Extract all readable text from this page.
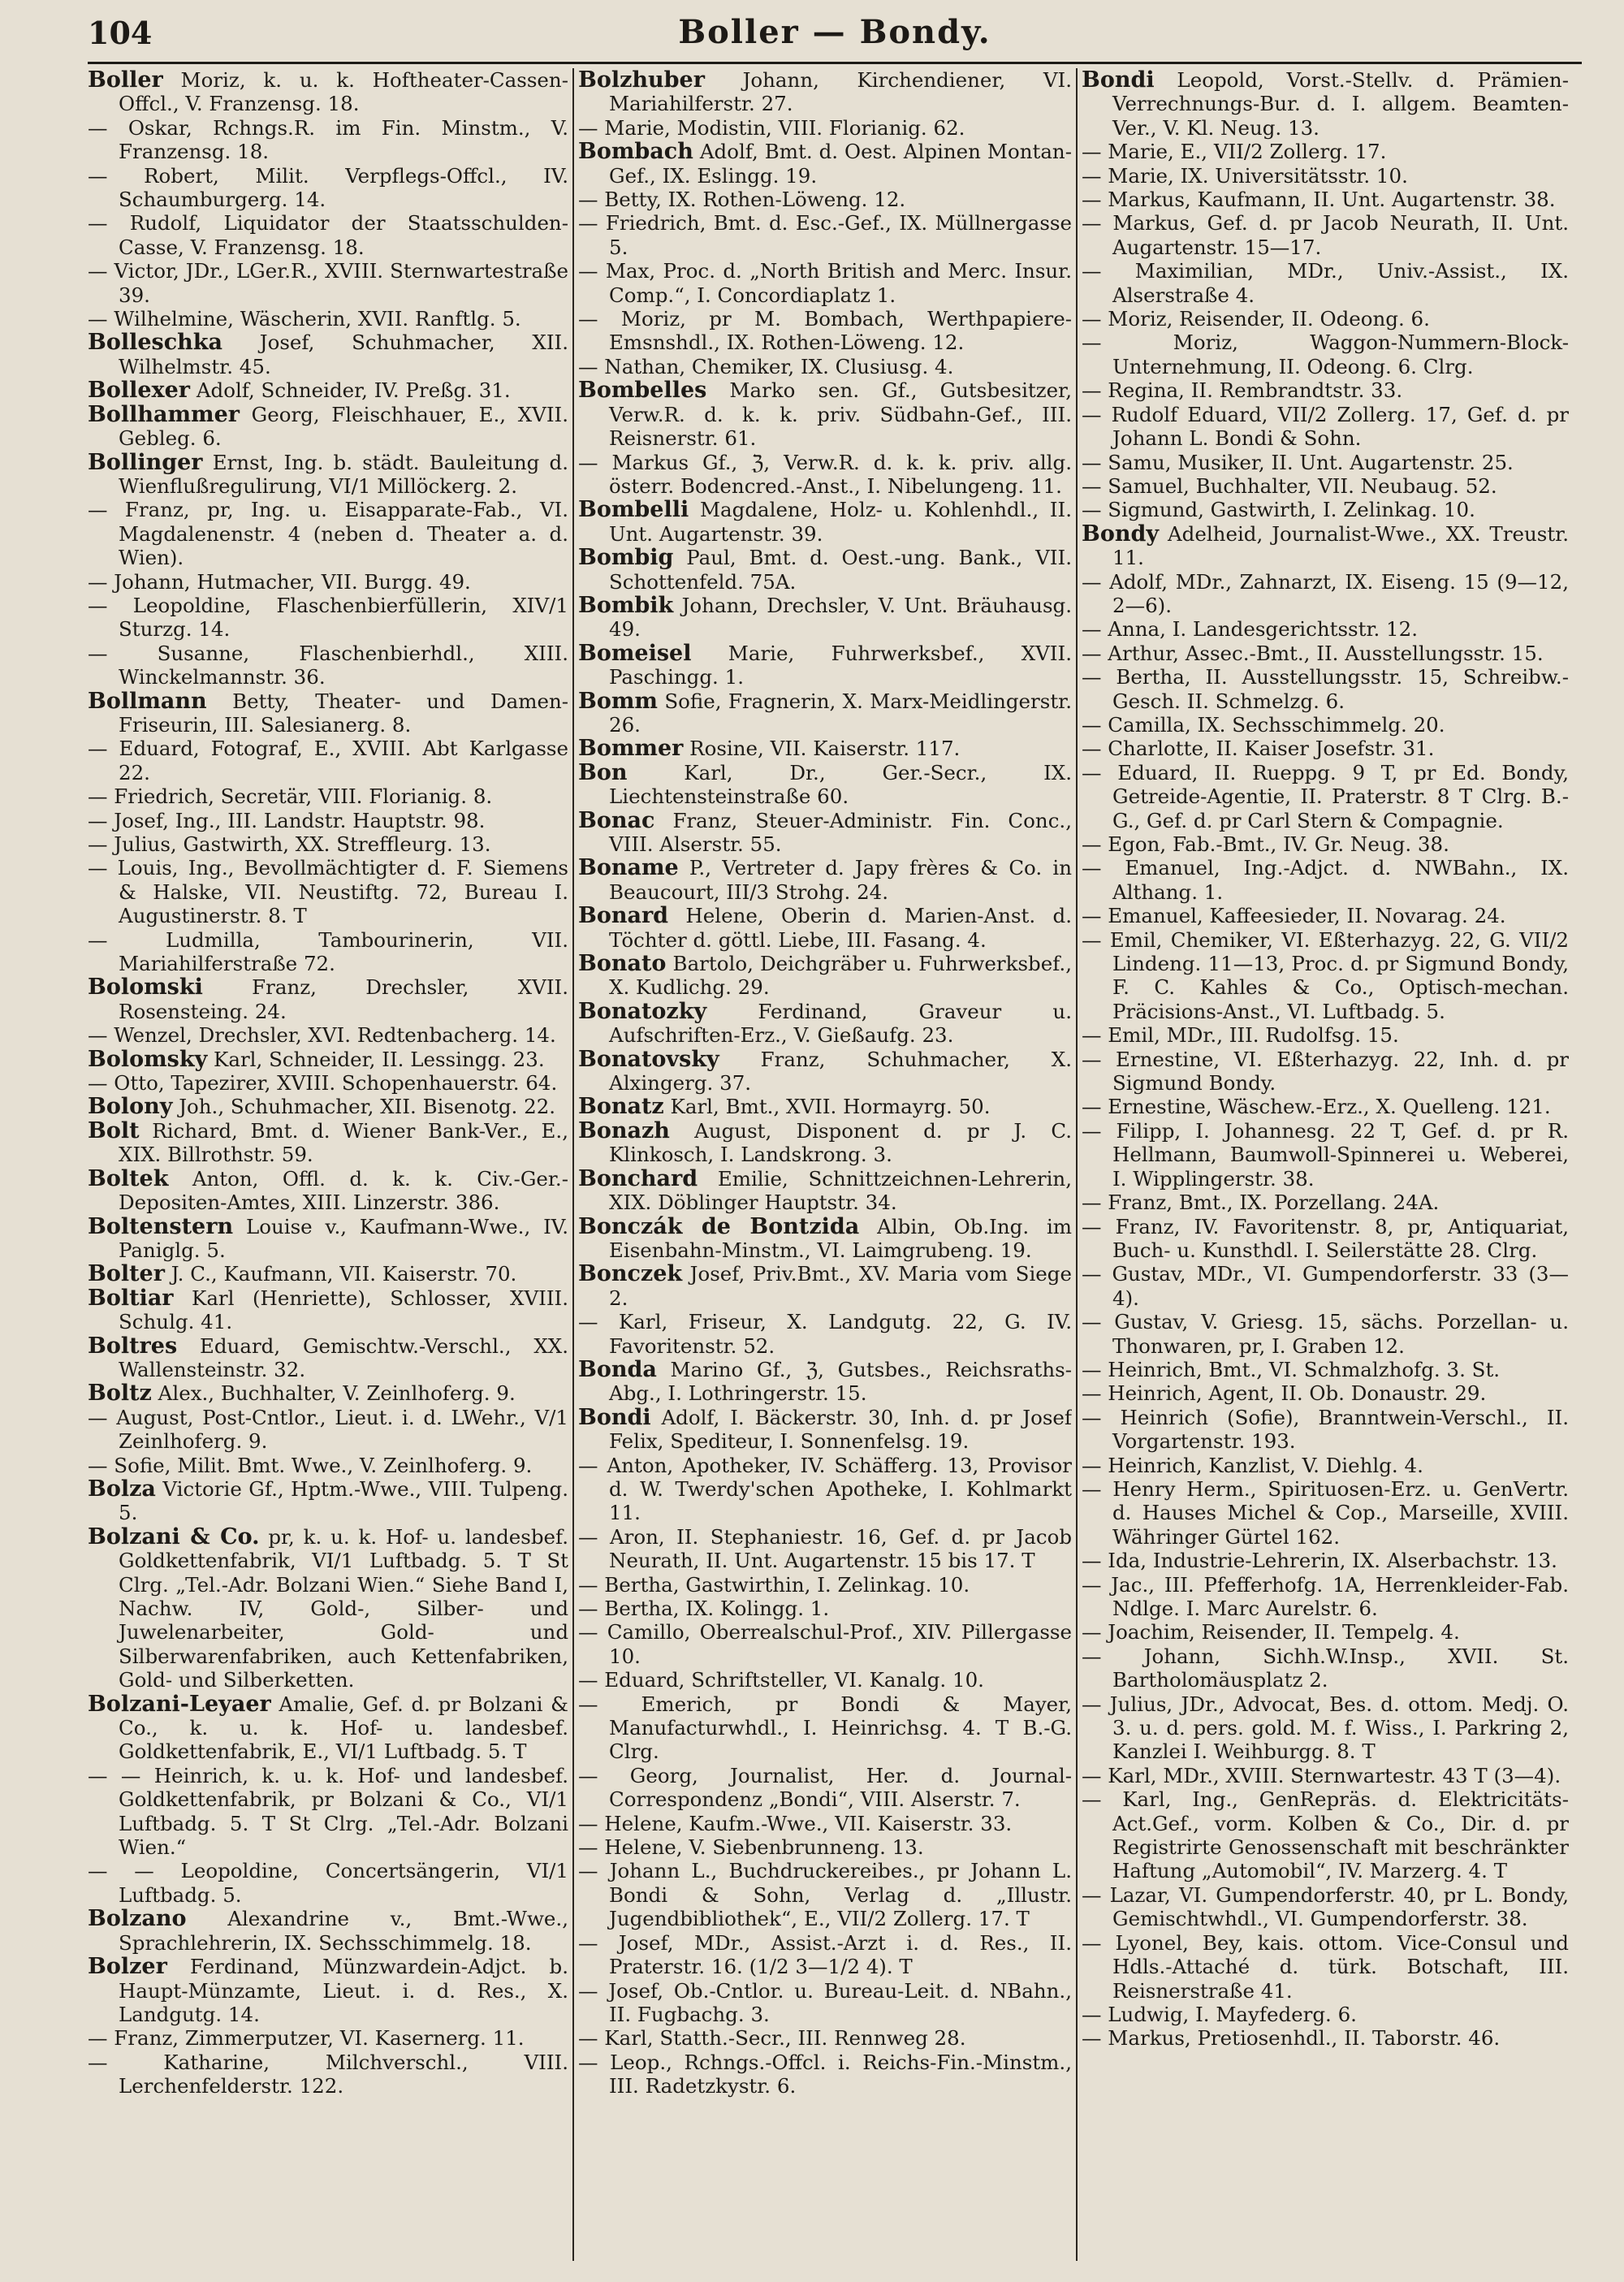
104	Boller — Bondy.

Boller Moriz, k. u. k. Hoftheater-Cassen-Offcl., V. Franzensg. 18.

— Oskar, Rchngs.R. im Fin. Minstm., V. Franzensg. 18.

— Robert, Milit. Verpflegs-Offcl., IV. Schaumburgerg. 14.

— Rudolf, Liquidator der Staatsschulden-Casse, V. Franzensg. 18.

— Victor, JDr., LGer.R., XVIII. Sternwartestraße 39.

— Wilhelmine, Wäscherin, XVII. Ranftlg. 5.

Bolleschka Josef, Schuhmacher, XII. Wilhelmstr. 45.

Bollexer Adolf, Schneider, IV. Preßg. 31.

Bollhammer Georg, Fleischhauer, E., XVII. Gebleg. 6.

Bollinger Ernst, Ing. b. städt. Bauleitung d. Wienflußregulirung, VI/1 Millöckerg. 2.

— Franz, pr, Ing. u. Eisapparate-Fab., VI. Magdalenenstr. 4 (neben d. Theater a. d. Wien).

— Johann, Hutmacher, VII. Burgg. 49.

— Leopoldine, Flaschenbierfüllerin, XIV/1 Sturzg. 14.

— Susanne, Flaschenbierhdl., XIII. Winckelmannstr. 36.

Bollmann Betty, Theater- und Damen-Friseurin, III. Salesianerg. 8.

— Eduard, Fotograf, E., XVIII. Abt Karlgasse 22.

— Friedrich, Secretär, VIII. Florianig. 8.

— Josef, Ing., III. Landstr. Hauptstr. 98.

— Julius, Gastwirth, XX. Streffleurg. 13.

— Louis, Ing., Bevollmächtigter d. F. Siemens & Halske, VII. Neustiftg. 72, Bureau I. Augustinerstr. 8. T

— Ludmilla, Tambourinerin, VII. Mariahilferstraße 72.

Bolomski Franz, Drechsler, XVII. Rosensteing. 24.

— Wenzel, Drechsler, XVI. Redtenbacherg. 14.

Bolomsky Karl, Schneider, II. Lessingg. 23.

— Otto, Tapezirer, XVIII. Schopenhauerstr. 64.

Bolony Joh., Schuhmacher, XII. Bisenotg. 22.

Bolt Richard, Bmt. d. Wiener Bank-Ver., E., XIX. Billrothstr. 59.

Boltek Anton, Offl. d. k. k. Civ.-Ger.-Depositen-Amtes, XIII. Linzerstr. 386.

Boltenstern Louise v., Kaufmann-Wwe., IV. Paniglg. 5.

Bolter J. C., Kaufmann, VII. Kaiserstr. 70.

Boltiar Karl (Henriette), Schlosser, XVIII. Schulg. 41.

Boltres Eduard, Gemischtw.-Verschl., XX. Wallensteinstr. 32.

Boltz Alex., Buchhalter, V. Zeinlhoferg. 9.

— August, Post-Cntlor., Lieut. i. d. LWehr., V/1 Zeinlhoferg. 9.

— Sofie, Milit. Bmt. Wwe., V. Zeinlhoferg. 9.

Bolza Victorie Gf., Hptm.-Wwe., VIII. Tulpeng. 5.

Bolzani & Co. pr, k. u. k. Hof- u. landesbef. Goldkettenfabrik, VI/1 Luftbadg. 5. T St Clrg. „Tel.-Adr. Bolzani Wien.“ Siehe Band I, Nachw. IV, Gold-, Silber- und Juwelenarbeiter, Gold- und Silberwarenfabriken, auch Kettenfabriken, Gold- und Silberketten.

Bolzani-Leyaer Amalie, Gef. d. pr Bolzani & Co., k. u. k. Hof- u. landesbef. Goldkettenfabrik, E., VI/1 Luftbadg. 5. T

— — Heinrich, k. u. k. Hof- und landesbef. Goldkettenfabrik, pr Bolzani & Co., VI/1 Luftbadg. 5. T St Clrg. „Tel.-Adr. Bolzani Wien.“

— — Leopoldine, Concertsängerin, VI/1 Luftbadg. 5.

Bolzano Alexandrine v., Bmt.-Wwe., Sprachlehrerin, IX. Sechsschimmelg. 18.

Bolzer Ferdinand, Münzwardein-Adjct. b. Haupt-Münzamte, Lieut. i. d. Res., X. Landgutg. 14.

— Franz, Zimmerputzer, VI. Kasernerg. 11.

— Katharine, Milchverschl., VIII. Lerchenfelderstr. 122.

Bolzhuber Johann, Kirchendiener, VI. Mariahilferstr. 27.

— Marie, Modistin, VIII. Florianig. 62.

Bombach Adolf, Bmt. d. Oest. Alpinen Montan-Gef., IX. Eslingg. 19.

— Betty, IX. Rothen-Löweng. 12.

— Friedrich, Bmt. d. Esc.-Gef., IX. Müllnergasse 5.

— Max, Proc. d. „North British and Merc. Insur. Comp.“, I. Concordiaplatz 1.

— Moriz, pr M. Bombach, Werthpapiere-Emsnshdl., IX. Rothen-Löweng. 12.

— Nathan, Chemiker, IX. Clusiusg. 4.

Bombelles Marko sen. Gf., Gutsbesitzer, Verw.R. d. k. k. priv. Südbahn-Gef., III. Reisnerstr. 61.

— Markus Gf., ℨ, Verw.R. d. k. k. priv. allg. österr. Bodencred.-Anst., I. Nibelungeng. 11.

Bombelli Magdalene, Holz- u. Kohlenhdl., II. Unt. Augartenstr. 39.

Bombig Paul, Bmt. d. Oest.-ung. Bank., VII. Schottenfeld. 75A.

Bombik Johann, Drechsler, V. Unt. Bräuhausg. 49.

Bomeisel Marie, Fuhrwerksbef., XVII. Paschingg. 1.

Bomm Sofie, Fragnerin, X. Marx-Meidlingerstr. 26.

Bommer Rosine, VII. Kaiserstr. 117.

Bon Karl, Dr., Ger.-Secr., IX. Liechtensteinstraße 60.

Bonac Franz, Steuer-Administr. Fin. Conc., VIII. Alserstr. 55.

Boname P., Vertreter d. Japy frères & Co. in Beaucourt, III/3 Strohg. 24.

Bonard Helene, Oberin d. Marien-Anst. d. Töchter d. göttl. Liebe, III. Fasang. 4.

Bonato Bartolo, Deichgräber u. Fuhrwerksbef., X. Kudlichg. 29.

Bonatozky Ferdinand, Graveur u. Aufschriften-Erz., V. Gießaufg. 23.

Bonatovsky Franz, Schuhmacher, X. Alxingerg. 37.

Bonatz Karl, Bmt., XVII. Hormayrg. 50.

Bonazh August, Disponent d. pr J. C. Klinkosch, I. Landskrong. 3.

Bonchard Emilie, Schnittzeichnen-Lehrerin, XIX. Döblinger Hauptstr. 34.

Bonczák de Bontzida Albin, Ob.Ing. im Eisenbahn-Minstm., VI. Laimgrubeng. 19.

Bonczek Josef, Priv.Bmt., XV. Maria vom Siege 2.

— Karl, Friseur, X. Landgutg. 22, G. IV. Favoritenstr. 52.

Bonda Marino Gf., ℨ, Gutsbes., Reichsraths-Abg., I. Lothringerstr. 15.

Bondi Adolf, I. Bäckerstr. 30, Inh. d. pr Josef Felix, Spediteur, I. Sonnenfelsg. 19.

— Anton, Apotheker, IV. Schäfferg. 13, Provisor d. W. Twerdy'schen Apotheke, I. Kohlmarkt 11.

— Aron, II. Stephaniestr. 16, Gef. d. pr Jacob Neurath, II. Unt. Augartenstr. 15 bis 17. T

— Bertha, Gastwirthin, I. Zelinkag. 10.

— Bertha, IX. Kolingg. 1.

— Camillo, Oberrealschul-Prof., XIV. Pillergasse 10.

— Eduard, Schriftsteller, VI. Kanalg. 10.

— Emerich, pr Bondi & Mayer, Manufacturwhdl., I. Heinrichsg. 4. T B.-G. Clrg.

— Georg, Journalist, Her. d. Journal-Correspondenz „Bondi“, VIII. Alserstr. 7.

— Helene, Kaufm.-Wwe., VII. Kaiserstr. 33.

— Helene, V. Siebenbrunneng. 13.

— Johann L., Buchdruckereibes., pr Johann L. Bondi & Sohn, Verlag d. „Illustr. Jugendbibliothek“, E., VII/2 Zollerg. 17. T

— Josef, MDr., Assist.-Arzt i. d. Res., II. Praterstr. 16. (1/2 3—1/2 4). T

— Josef, Ob.-Cntlor. u. Bureau-Leit. d. NBahn., II. Fugbachg. 3.

— Karl, Statth.-Secr., III. Rennweg 28.

— Leop., Rchngs.-Offcl. i. Reichs-Fin.-Minstm., III. Radetzkystr. 6.

Bondi Leopold, Vorst.-Stellv. d. Prämien-Verrechnungs-Bur. d. I. allgem. Beamten-Ver., V. Kl. Neug. 13.

— Marie, E., VII/2 Zollerg. 17.

— Marie, IX. Universitätsstr. 10.

— Markus, Kaufmann, II. Unt. Augartenstr. 38.

— Markus, Gef. d. pr Jacob Neurath, II. Unt. Augartenstr. 15—17.

— Maximilian, MDr., Univ.-Assist., IX. Alserstraße 4.

— Moriz, Reisender, II. Odeong. 6.

— Moriz, Waggon-Nummern-Block-Unternehmung, II. Odeong. 6. Clrg.

— Regina, II. Rembrandtstr. 33.

— Rudolf Eduard, VII/2 Zollerg. 17, Gef. d. pr Johann L. Bondi & Sohn.

— Samu, Musiker, II. Unt. Augartenstr. 25.

— Samuel, Buchhalter, VII. Neubaug. 52.

— Sigmund, Gastwirth, I. Zelinkag. 10.

Bondy Adelheid, Journalist-Wwe., XX. Treustr. 11.

— Adolf, MDr., Zahnarzt, IX. Eiseng. 15 (9—12, 2—6).

— Anna, I. Landesgerichtsstr. 12.

— Arthur, Assec.-Bmt., II. Ausstellungsstr. 15.

— Bertha, II. Ausstellungsstr. 15, Schreibw.-Gesch. II. Schmelzg. 6.

— Camilla, IX. Sechsschimmelg. 20.

— Charlotte, II. Kaiser Josefstr. 31.

— Eduard, II. Rueppg. 9 T, pr Ed. Bondy, Getreide-Agentie, II. Praterstr. 8 T Clrg. B.-G., Gef. d. pr Carl Stern & Compagnie.

— Egon, Fab.-Bmt., IV. Gr. Neug. 38.

— Emanuel, Ing.-Adjct. d. NWBahn., IX. Althang. 1.

— Emanuel, Kaffeesieder, II. Novarag. 24.

— Emil, Chemiker, VI. Eßterhazyg. 22, G. VII/2 Lindeng. 11—13, Proc. d. pr Sigmund Bondy, F. C. Kahles & Co., Optisch-mechan. Präcisions-Anst., VI. Luftbadg. 5.

— Emil, MDr., III. Rudolfsg. 15.

— Ernestine, VI. Eßterhazyg. 22, Inh. d. pr Sigmund Bondy.

— Ernestine, Wäschew.-Erz., X. Quelleng. 121.

— Filipp, I. Johannesg. 22 T, Gef. d. pr R. Hellmann, Baumwoll-Spinnerei u. Weberei, I. Wipplingerstr. 38.

— Franz, Bmt., IX. Porzellang. 24A.

— Franz, IV. Favoritenstr. 8, pr, Antiquariat, Buch- u. Kunsthdl. I. Seilerstätte 28. Clrg.

— Gustav, MDr., VI. Gumpendorferstr. 33 (3—4).

— Gustav, V. Griesg. 15, sächs. Porzellan- u. Thonwaren, pr, I. Graben 12.

— Heinrich, Bmt., VI. Schmalzhofg. 3. St.

— Heinrich, Agent, II. Ob. Donaustr. 29.

— Heinrich (Sofie), Branntwein-Verschl., II. Vorgartenstr. 193.

— Heinrich, Kanzlist, V. Diehlg. 4.

— Henry Herm., Spirituosen-Erz. u. GenVertr. d. Hauses Michel & Cop., Marseille, XVIII. Währinger Gürtel 162.

— Ida, Industrie-Lehrerin, IX. Alserbachstr. 13.

— Jac., III. Pfefferhofg. 1A, Herrenkleider-Fab. Ndlge. I. Marc Aurelstr. 6.

— Joachim, Reisender, II. Tempelg. 4.

— Johann, Sichh.W.Insp., XVII. St. Bartholomäusplatz 2.

— Julius, JDr., Advocat, Bes. d. ottom. Medj. O. 3. u. d. pers. gold. M. f. Wiss., I. Parkring 2, Kanzlei I. Weihburgg. 8. T

— Karl, MDr., XVIII. Sternwartestr. 43 T (3—4).

— Karl, Ing., GenRepräs. d. Elektricitäts-Act.Gef., vorm. Kolben & Co., Dir. d. pr Registrirte Genossenschaft mit beschränkter Haftung „Automobil“, IV. Marzerg. 4. T

— Lazar, VI. Gumpendorferstr. 40, pr L. Bondy, Gemischtwhdl., VI. Gumpendorferstr. 38.

— Lyonel, Bey, kais. ottom. Vice-Consul und Hdls.-Attaché d. türk. Botschaft, III. Reisnerstraße 41.

— Ludwig, I. Mayfederg. 6.

— Markus, Pretiosenhdl., II. Taborstr. 46.
